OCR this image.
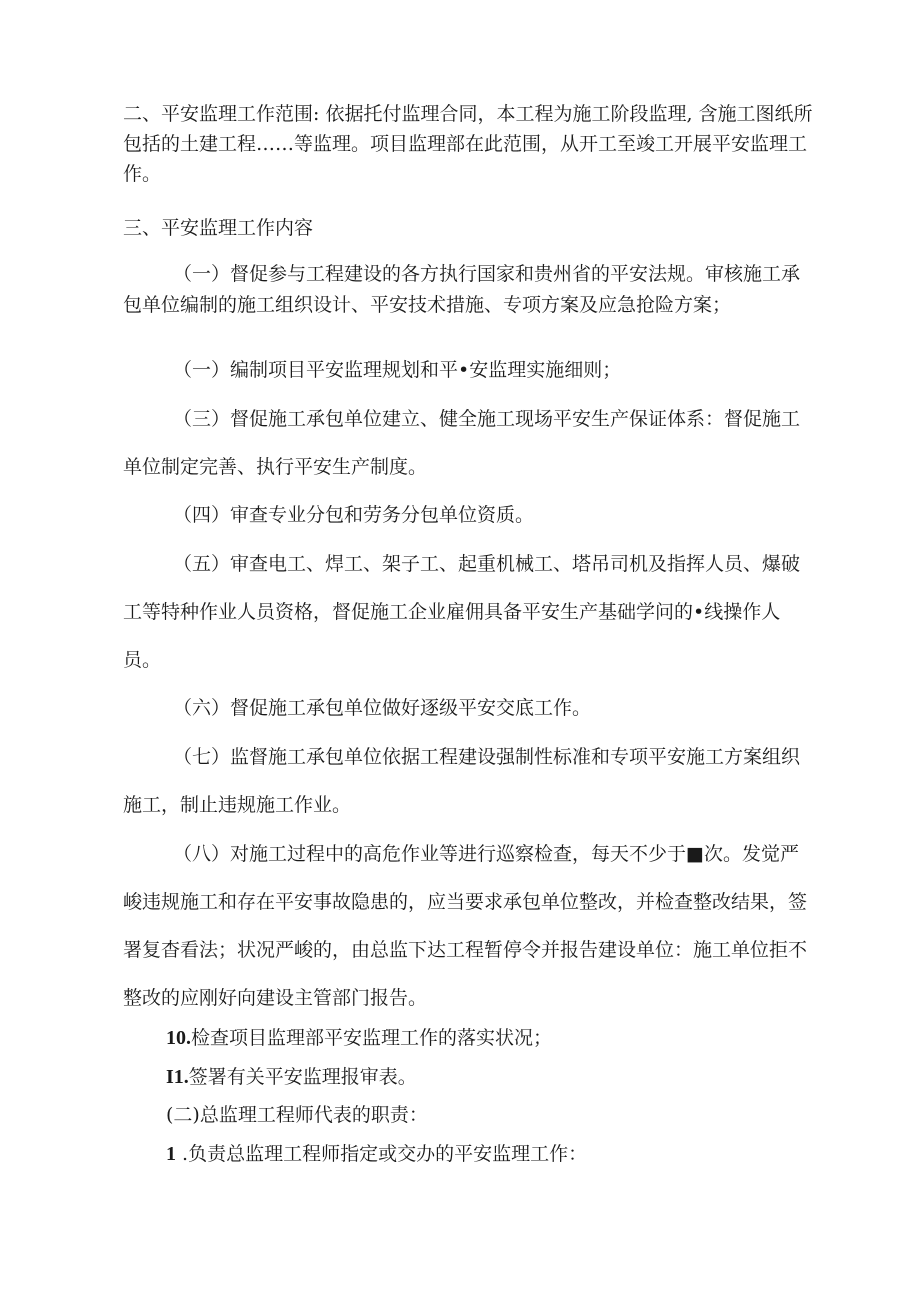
二、平安监理工作范围: 依据托付监理合同，本工程为施工阶段监理, 含施工图纸所包括的土建工程……等监理。项目监理部在此范围，从开工至竣工开展平安监理工作。

三、平安监理工作内容

（一）督促参与工程建设的各方执行国家和贵州省的平安法规。审核施工承包单位编制的施工组织设计、平安技术措施、专项方案及应急抢险方案；

（一）编制项目平安监理规划和平•安监理实施细则；

（三）督促施工承包单位建立、健全施工现场平安生产保证体系：督促施工单位制定完善、执行平安生产制度。

（四）审查专业分包和劳务分包单位资质。

（五）审查电工、焊工、架子工、起重机械工、塔吊司机及指挥人员、爆破工等特种作业人员资格，督促施工企业雇佣具备平安生产基础学问的•线操作人员。

（六）督促施工承包单位做好逐级平安交底工作。

（七）监督施工承包单位依据工程建设强制性标准和专项平安施工方案组织施工，制止违规施工作业。

（八）对施工过程中的高危作业等进行巡察检查，每天不少于■次。发觉严峻违规施工和存在平安事故隐患的，应当要求承包单位整改，并检查整改结果，签署复杳看法；状况严峻的，由总监下达工程暂停令并报告建设单位：施工单位拒不整改的应刚好向建设主管部门报告。

10.检查项目监理部平安监理工作的落实状况；

I1.签署有关平安监理报审表。

(二)总监理工程师代表的职责：

1 .负责总监理工程师指定或交办的平安监理工作：
